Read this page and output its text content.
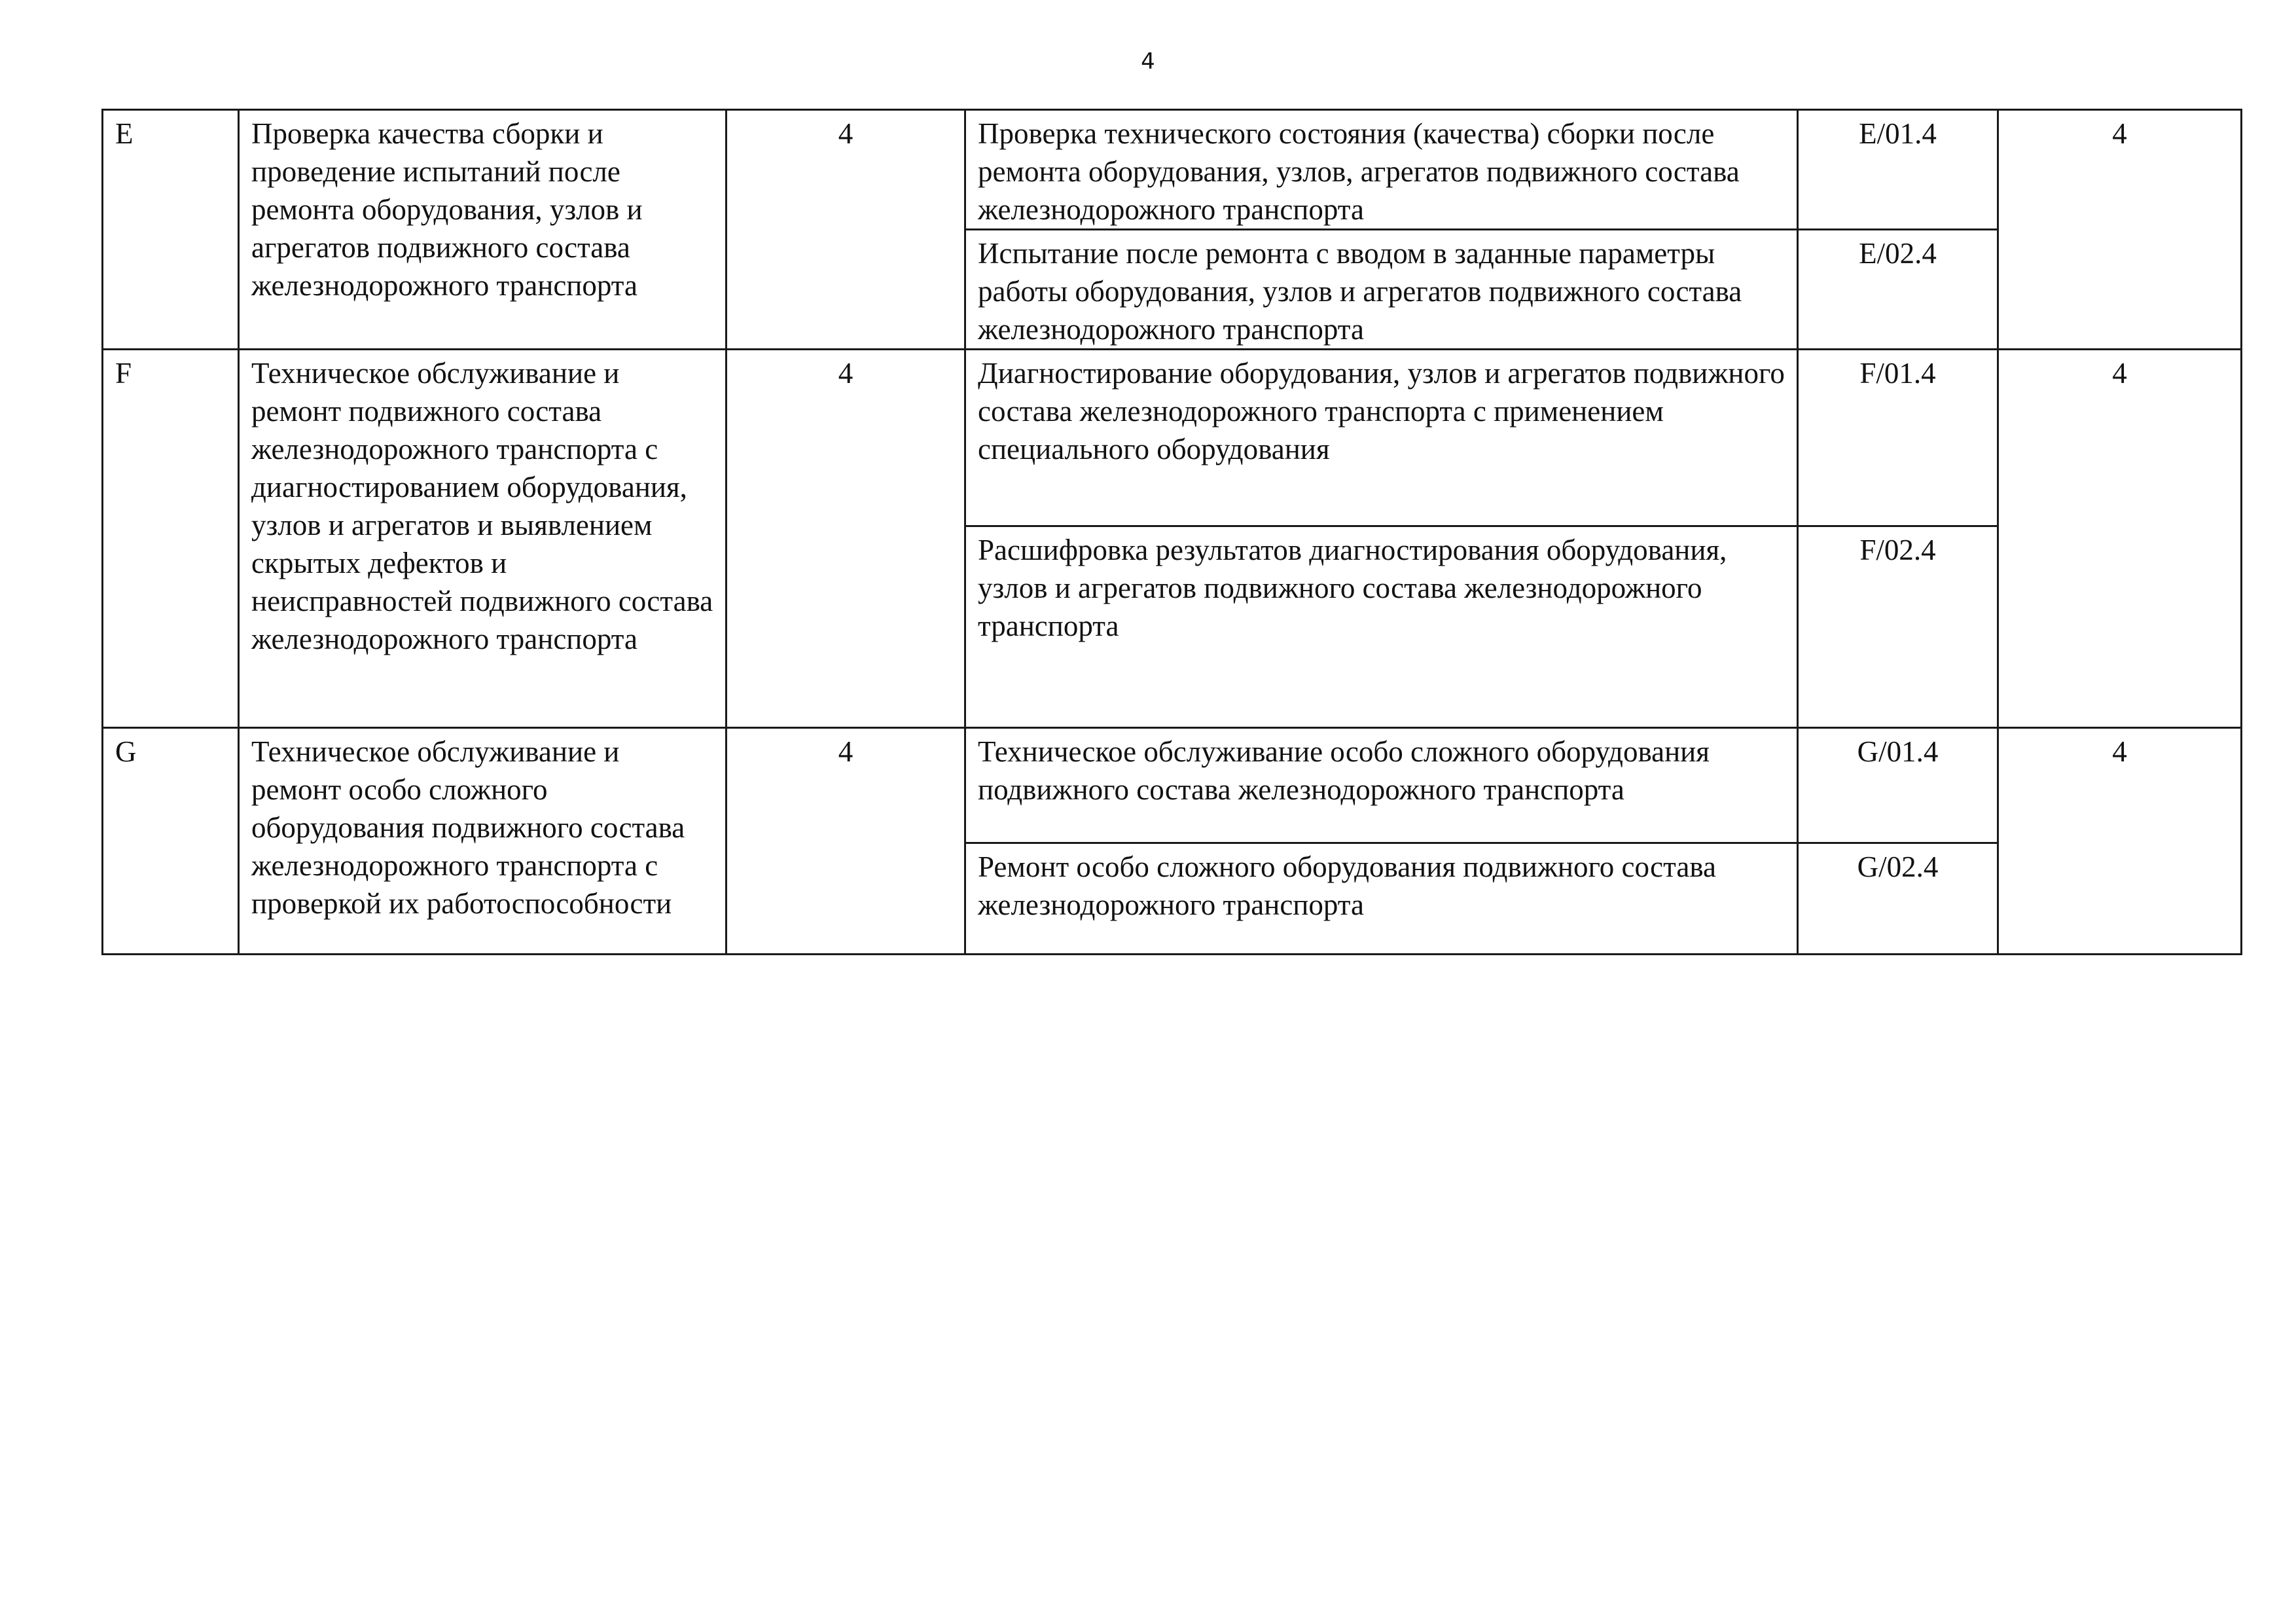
4
E	Проверка качества сборки и проведение испытаний после ремонта оборудования, узлов и агрегатов подвижного состава железнодорожного транспорта	4	Проверка технического состояния (качества) сборки после ремонта оборудования, узлов, агрегатов подвижного состава железнодорожного транспорта	E/01.4	4
			Испытание после ремонта с вводом в заданные параметры работы оборудования, узлов и агрегатов подвижного состава железнодорожного транспорта	E/02.4	
F	Техническое обслуживание и ремонт подвижного состава железнодорожного транспорта с диагностированием оборудования, узлов и агрегатов и выявлением скрытых дефектов и неисправностей подвижного состава железнодорожного транспорта	4	Диагностирование оборудования, узлов и агрегатов подвижного состава железнодорожного транспорта с применением специального оборудования	F/01.4	4
			Расшифровка результатов диагностирования оборудования, узлов и агрегатов подвижного состава железнодорожного транспорта	F/02.4	
G	Техническое обслуживание и ремонт особо сложного оборудования подвижного состава железнодорожного транспорта с проверкой их работоспособности	4	Техническое обслуживание особо сложного оборудования подвижного состава железнодорожного транспорта	G/01.4	4
			Ремонт особо сложного оборудования подвижного состава железнодорожного транспорта	G/02.4	
